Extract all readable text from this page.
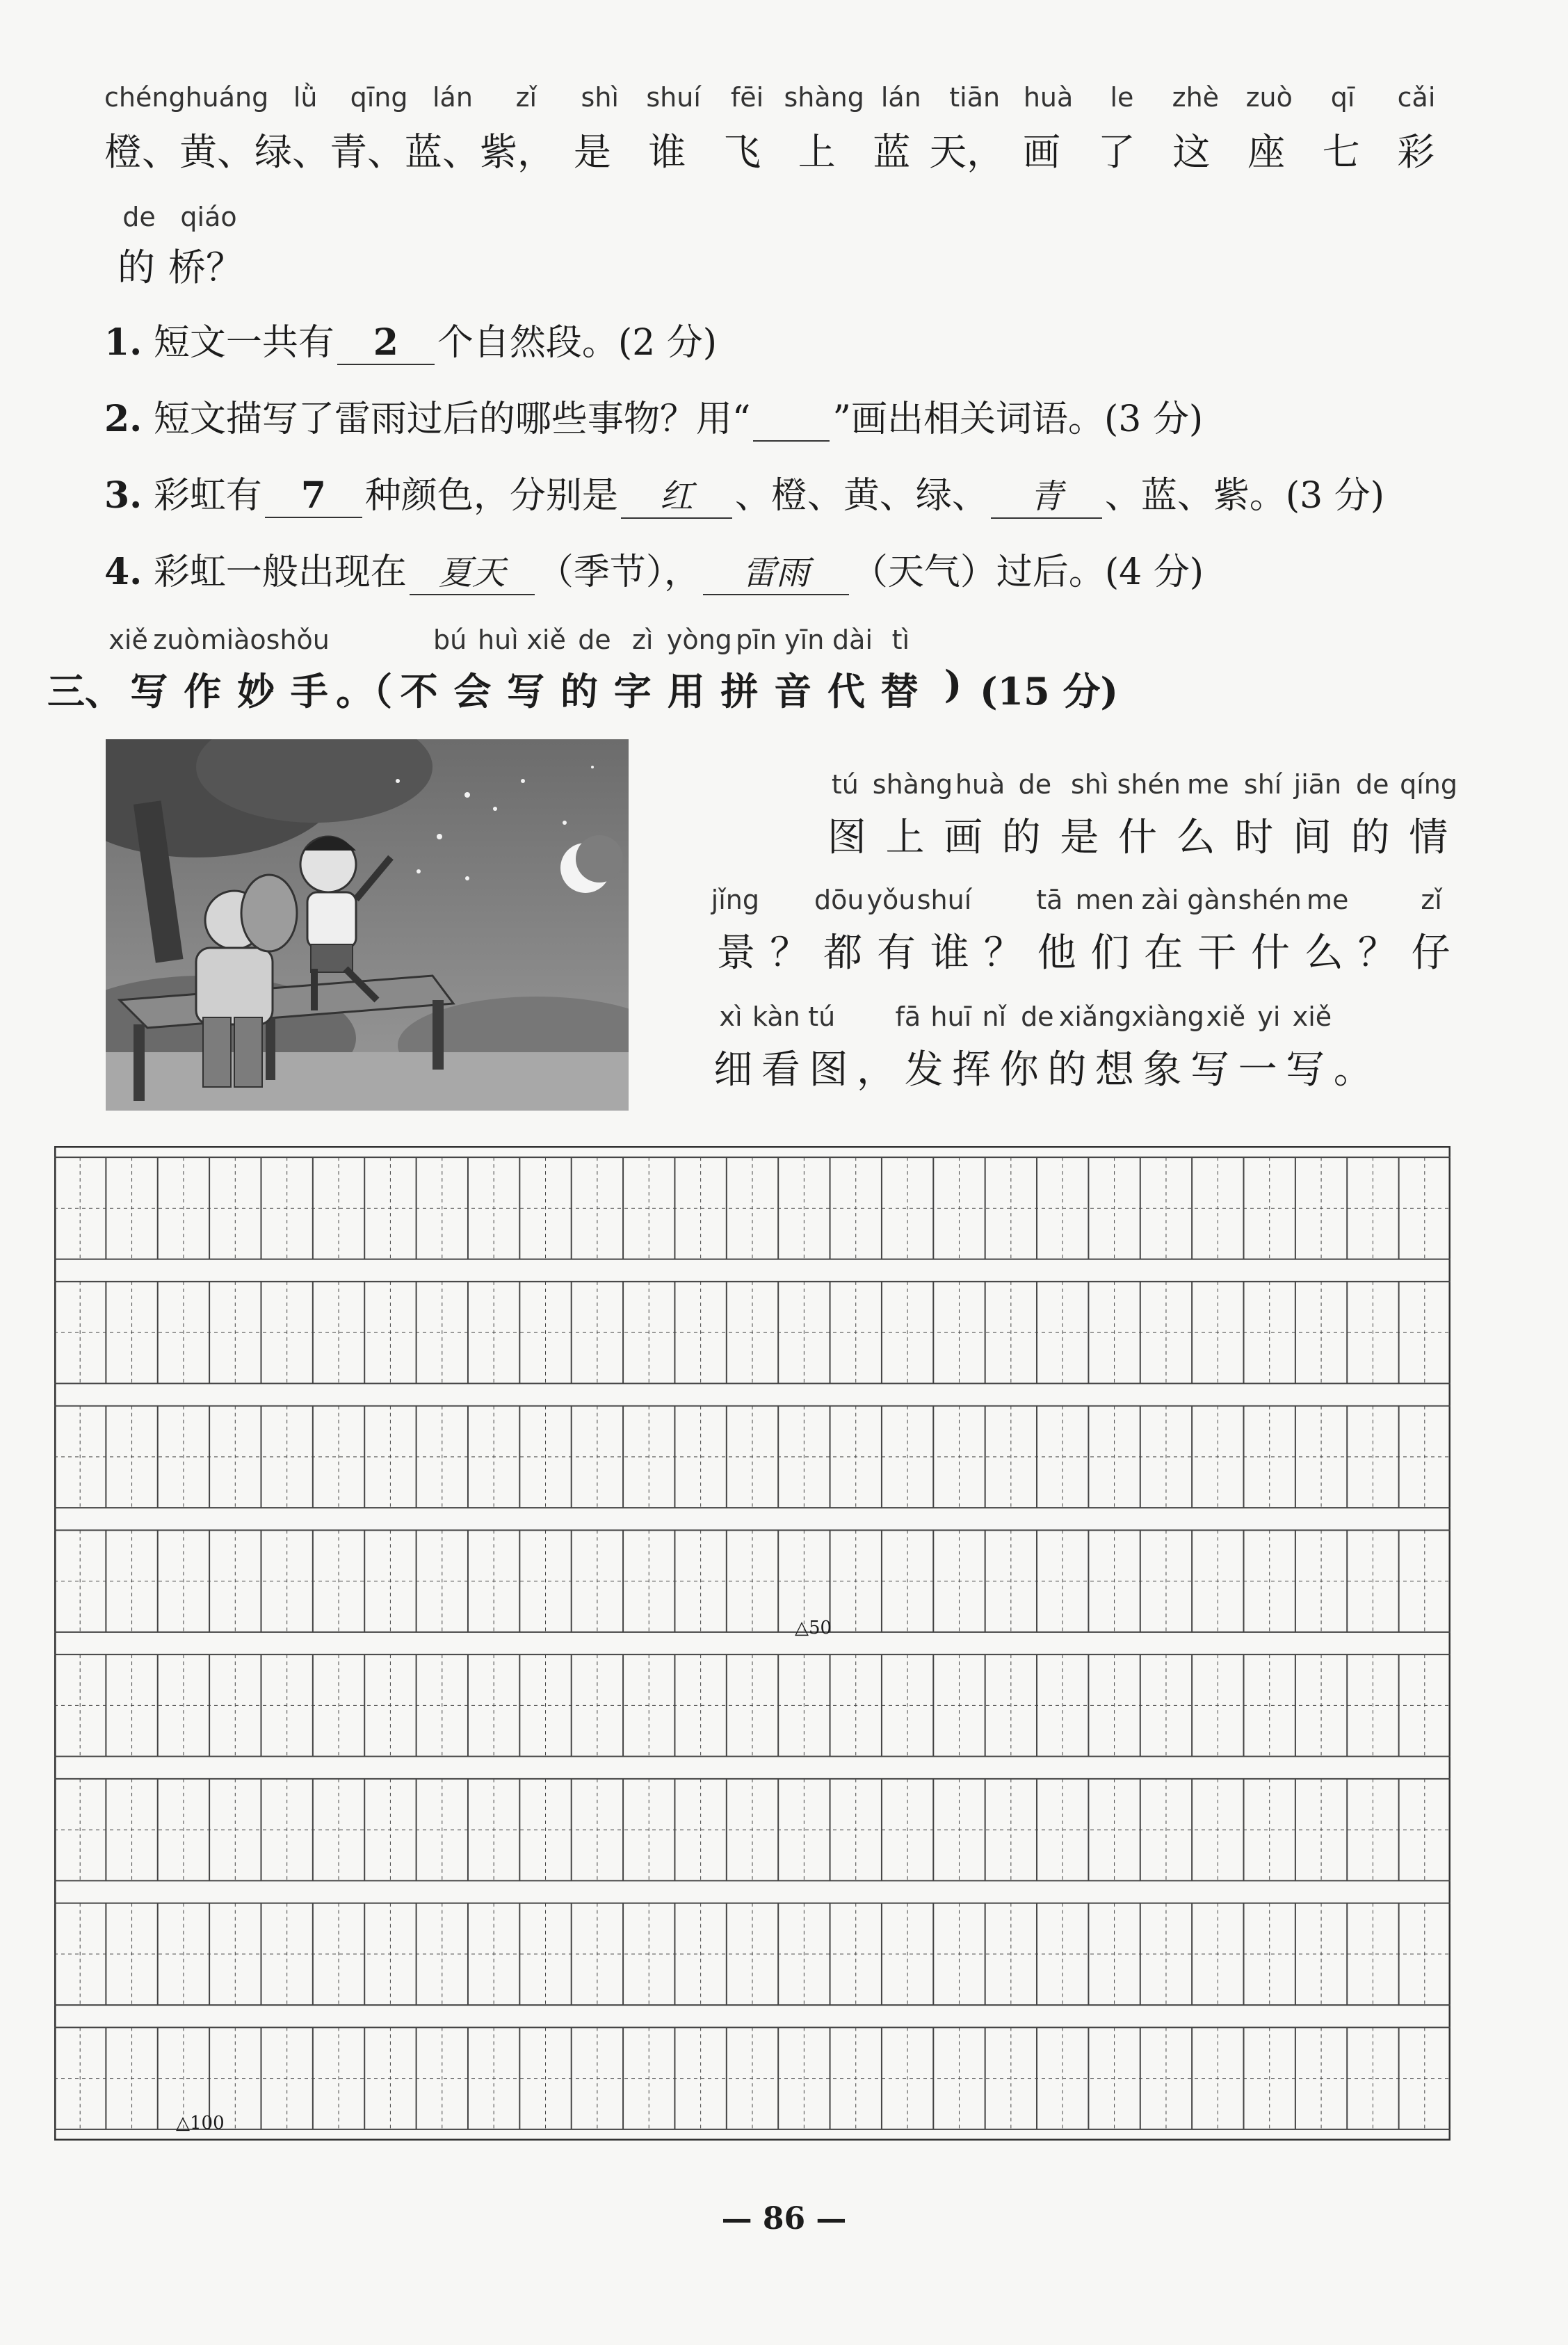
chéng huáng lǜ	qīng lán	zǐ	shì	shuí	fēi shàng lán	tiān huà	le	zhè	zuò	qī	cǎi
橙、 黄、 绿、 青、 蓝、 紫， 是 谁 飞 上 蓝 天， 画 了 这 座 七 彩
de qiáo
的 桥？
1. 短文一共有 2 个自然段。(2 分)
2. 短文描写了雷雨过后的哪些事物？用“ ”画出相关词语。(3 分)
3. 彩虹有 7 种颜色，分别是 红 、橙、黄、绿、 青 、蓝、紫。(3 分)
4. 彩虹一般出现在 夏天 （季节）， 雷雨 （天气）过后。(4 分)
xiě zuò miào shǒu	bú huì xiě de zì yòng pīn yīn dài tì
三、 写 作 妙 手 。（ 不 会 写 的 字 用 拼 音 代 替 ) (15 分)
tú shàng huà de shì shén me shí jiān de qíng
图 上 画 的 是 什 么 时 间 的 情
jǐng dōu yǒu shuí	tā men zài gàn shén me	zǐ
景 ？ 都 有 谁 ？ 他 们 在 干 什 么 ？ 仔
xì kàn tú	fā huī nǐ de xiǎng xiàng xiě yi xiě
细 看 图 ， 发 挥 你 的 想 象 写 一 写 。
△50
△100
— 86 —
